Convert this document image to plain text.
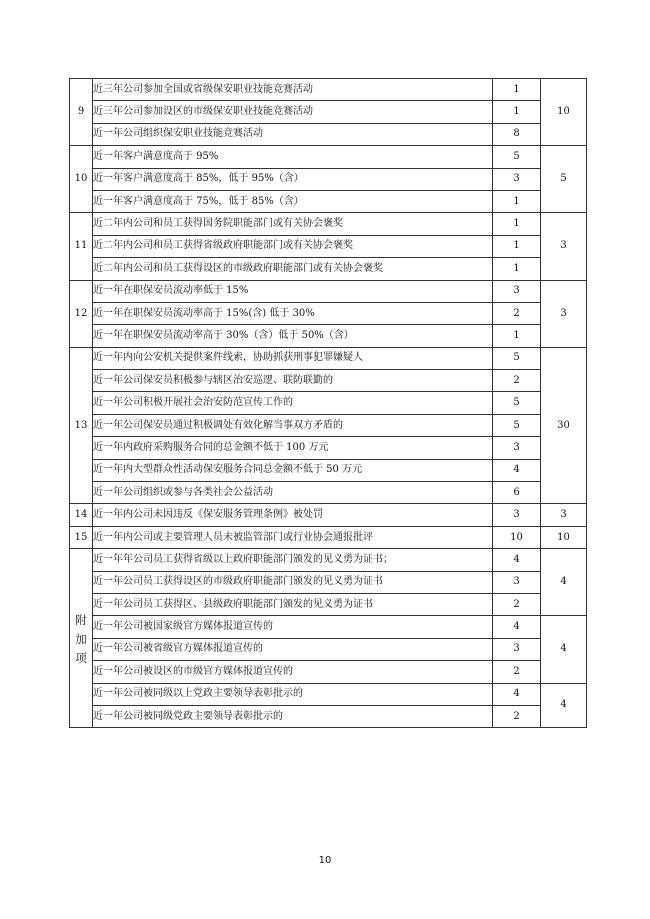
9	近三年公司参加全国或省级保安职业技能竞赛活动	1	10
	近三年公司参加设区的市级保安职业技能竞赛活动	1	
	近一年公司组织保安职业技能竞赛活动	8	
10	近一年客户满意度高于 95%	5	5
	近一年客户满意度高于 85%，低于 95%（含）	3	
	近一年客户满意度高于 75%，低于 85%（含）	1	
11	近二年内公司和员工获得国务院职能部门或有关协会褒奖	1	3
	近二年内公司和员工获得省级政府职能部门或有关协会褒奖	1	
	近二年内公司和员工获得设区的市级政府职能部门或有关协会褒奖	1	
12	近一年在职保安员流动率低于 15%	3	3
	近一年在职保安员流动率高于 15%(含) 低于 30%	2	
	近一年在职保安员流动率高于 30%（含）低于 50%（含）	1	
13	近一年内向公安机关提供案件线索，协助抓获刑事犯罪嫌疑人	5	30
	近一年公司保安员积极参与辖区治安巡逻、联防联勤的	2	
	近一年公司积极开展社会治安防范宣传工作的	5	
	近一年公司保安员通过积极调处有效化解当事双方矛盾的	5	
	近一年内政府采购服务合同的总金额不低于 100 万元	3	
	近一年内大型群众性活动保安服务合同总金额不低于 50 万元	4	
	近一年公司组织或参与各类社会公益活动	6	
14	近一年内公司未因违反《保安服务管理条例》被处罚	3	3
15	近一年内公司或主要管理人员未被监管部门或行业协会通报批评	10	10

附
加
项	近一年年公司员工获得省级以上政府职能部门颁发的见义勇为证书；	4	4
	近一年公司员工获得设区的市级政府职能部门颁发的见义勇为证书	3	
	近一年公司员工获得区、县级政府职能部门颁发的见义勇为证书	2	
	近一年公司被国家级官方媒体报道宣传的	4	4
	近一年公司被省级官方媒体报道宣传的	3	
	近一年公司被设区的市级官方媒体报道宣传的	2	
	近一年公司被同级以上党政主要领导表彰批示的	4	4
	近一年公司被同级党政主要领导表彰批示的	2	
10
